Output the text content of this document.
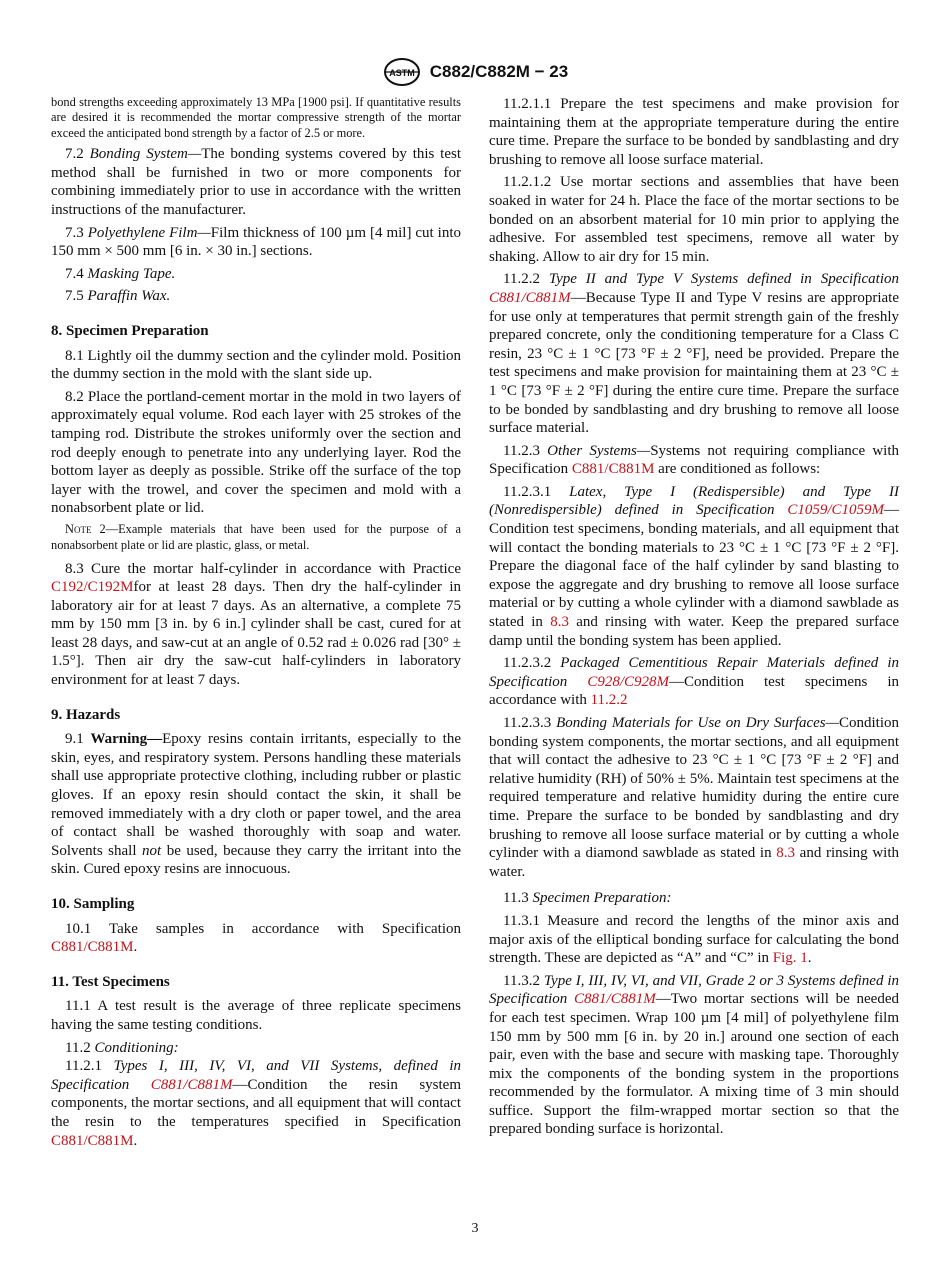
ASTM C882/C882M − 23

bond strengths exceeding approximately 13 MPa [1900 psi]. If quantitative results are desired it is recommended the mortar compressive strength of the mortar exceed the anticipated bond strength by a factor of 2.5 or more.

7.2 Bonding System—The bonding systems covered by this test method shall be furnished in two or more components for combining immediately prior to use in accordance with the written instructions of the manufacturer.

7.3 Polyethylene Film—Film thickness of 100 µm [4 mil] cut into 150 mm × 500 mm [6 in. × 30 in.] sections.

7.4 Masking Tape.

7.5 Paraffin Wax.

8. Specimen Preparation

8.1 Lightly oil the dummy section and the cylinder mold. Position the dummy section in the mold with the slant side up.

8.2 Place the portland-cement mortar in the mold in two layers of approximately equal volume. Rod each layer with 25 strokes of the tamping rod. Distribute the strokes uniformly over the section and rod deeply enough to penetrate into any underlying layer. Rod the bottom layer as deeply as possible. Strike off the surface of the top layer with the trowel, and cover the specimen and mold with a nonabsorbent plate or lid.

Note 2—Example materials that have been used for the purpose of a nonabsorbent plate or lid are plastic, glass, or metal.

8.3 Cure the mortar half-cylinder in accordance with Practice C192/C192Mfor at least 28 days. Then dry the half-cylinder in laboratory air for at least 7 days. As an alternative, a complete 75 mm by 150 mm [3 in. by 6 in.] cylinder shall be cast, cured for at least 28 days, and saw-cut at an angle of 0.52 rad ± 0.026 rad [30° ± 1.5°]. Then air dry the saw-cut half-cylinders in laboratory environment for at least 7 days.

9. Hazards

9.1 Warning—Epoxy resins contain irritants, especially to the skin, eyes, and respiratory system. Persons handling these materials shall use appropriate protective clothing, including rubber or plastic gloves. If an epoxy resin should contact the skin, it shall be removed immediately with a dry cloth or paper towel, and the area of contact shall be washed thoroughly with soap and water. Solvents shall not be used, because they carry the irritant into the skin. Cured epoxy resins are innocuous.

10. Sampling

10.1 Take samples in accordance with Specification C881/C881M.

11. Test Specimens

11.1 A test result is the average of three replicate specimens having the same testing conditions.

11.2 Conditioning:

11.2.1 Types I, III, IV, VI, and VII Systems, defined in Specification C881/C881M—Condition the resin system components, the mortar sections, and all equipment that will contact the resin to the temperatures specified in Specification C881/C881M.

11.2.1.1 Prepare the test specimens and make provision for maintaining them at the appropriate temperature during the entire cure time. Prepare the surface to be bonded by sandblasting and dry brushing to remove all loose surface material.

11.2.1.2 Use mortar sections and assemblies that have been soaked in water for 24 h. Place the face of the mortar sections to be bonded on an absorbent material for 10 min prior to applying the adhesive. For assembled test specimens, remove all water by shaking. Allow to air dry for 15 min.

11.2.2 Type II and Type V Systems defined in Specification C881/C881M—Because Type II and Type V resins are appropriate for use only at temperatures that permit strength gain of the freshly prepared concrete, only the conditioning temperature for a Class C resin, 23 °C ± 1 °C [73 °F ± 2 °F], need be provided. Prepare the test specimens and make provision for maintaining them at 23 °C ± 1 °C [73 °F ± 2 °F] during the entire cure time. Prepare the surface to be bonded by sandblasting and dry brushing to remove all loose surface material.

11.2.3 Other Systems—Systems not requiring compliance with Specification C881/C881M are conditioned as follows:

11.2.3.1 Latex, Type I (Redispersible) and Type II (Nonredispersible) defined in Specification C1059/C1059M—Condition test specimens, bonding materials, and all equipment that will contact the bonding materials to 23 °C ± 1 °C [73 °F ± 2 °F]. Prepare the diagonal face of the half cylinder by sand blasting to expose the aggregate and dry brushing to remove all loose surface material or by cutting a whole cylinder with a diamond sawblade as stated in 8.3 and rinsing with water. Keep the prepared surface damp until the bonding system has been applied.

11.2.3.2 Packaged Cementitious Repair Materials defined in Specification C928/C928M—Condition test specimens in accordance with 11.2.2

11.2.3.3 Bonding Materials for Use on Dry Surfaces—Condition bonding system components, the mortar sections, and all equipment that will contact the adhesive to 23 °C ± 1 °C [73 °F ± 2 °F] and relative humidity (RH) of 50% ± 5%. Maintain test specimens at the required temperature and relative humidity during the entire cure time. Prepare the surface to be bonded by sandblasting and dry brushing to remove all loose surface material or by cutting a whole cylinder with a diamond sawblade as stated in 8.3 and rinsing with water.

11.3 Specimen Preparation:

11.3.1 Measure and record the lengths of the minor axis and major axis of the elliptical bonding surface for calculating the bond strength. These are depicted as “A” and “C” in Fig. 1.

11.3.2 Type I, III, IV, VI, and VII, Grade 2 or 3 Systems defined in Specification C881/C881M—Two mortar sections will be needed for each test specimen. Wrap 100 µm [4 mil] of polyethylene film 150 mm by 500 mm [6 in. by 20 in.] around one section of each pair, even with the base and secure with masking tape. Thoroughly mix the components of the bonding system in the proportions recommended by the formulator. A mixing time of 3 min should suffice. Support the film-wrapped mortar section so that the prepared bonding surface is horizontal.

3
